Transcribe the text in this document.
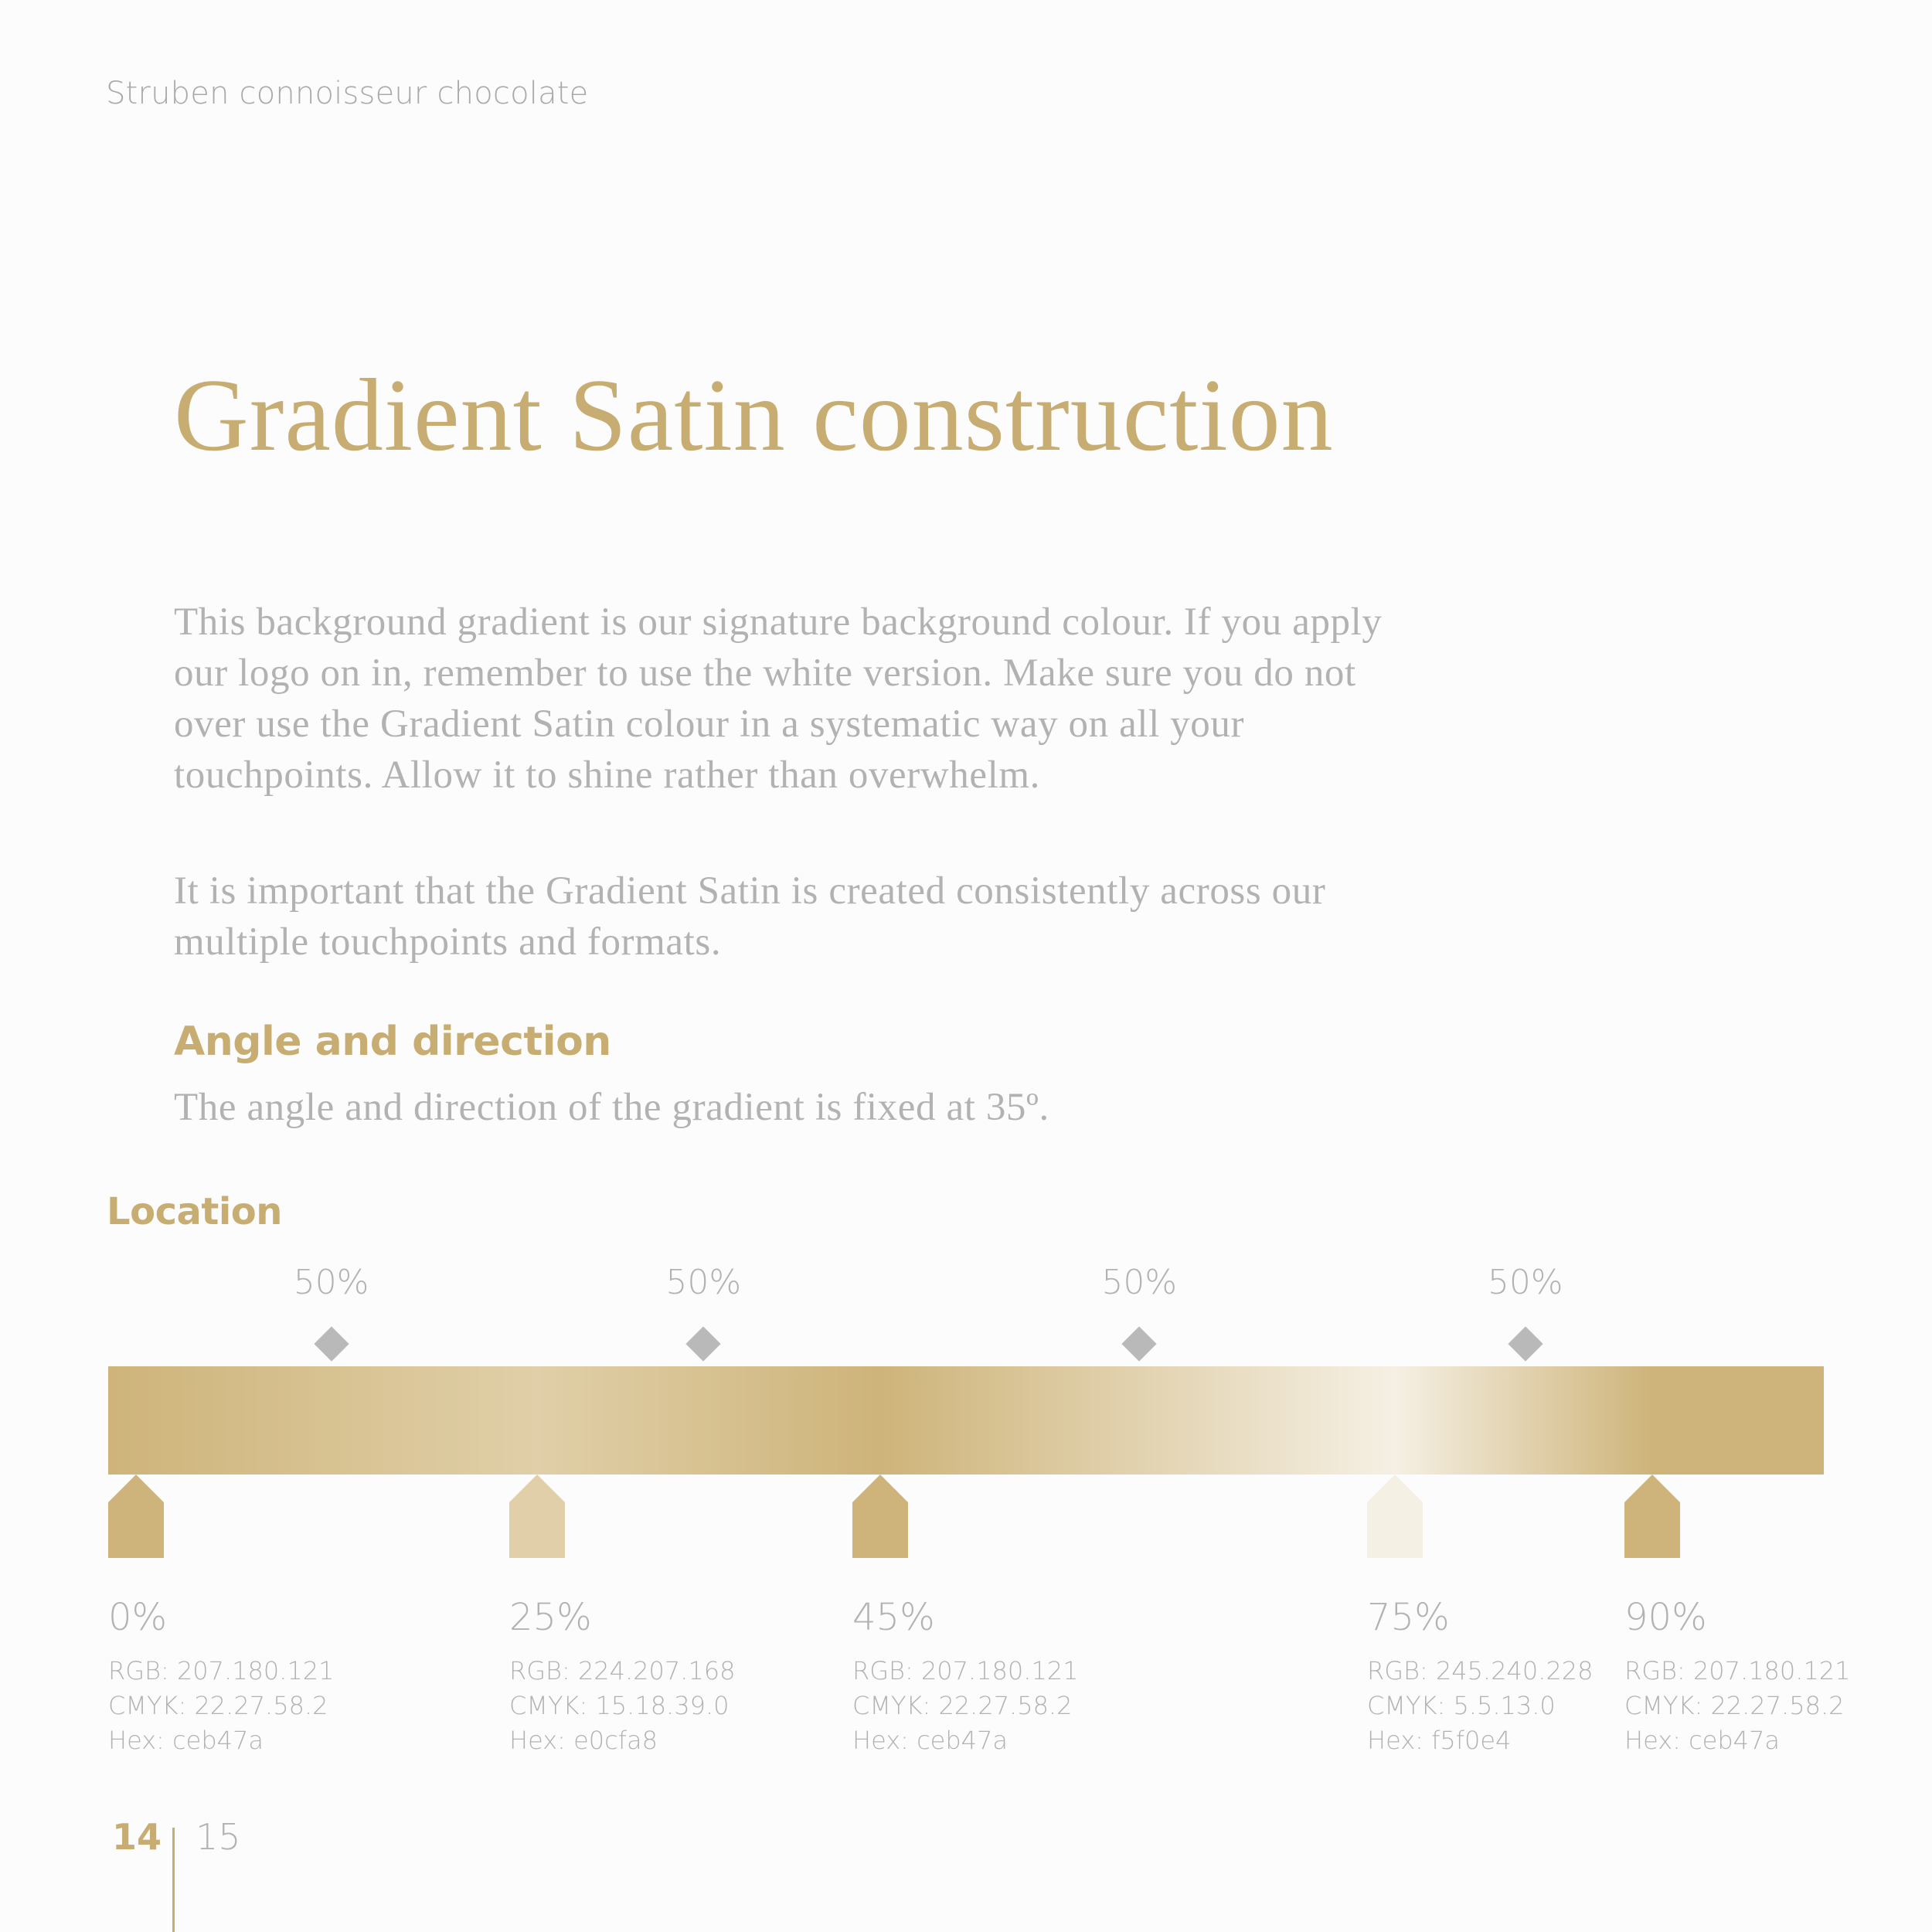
Struben connoisseur chocolate
Gradient Satin construction

This background gradient is our signature background colour. If you apply our logo on in, remember to use the white version. Make sure you do not over use the Gradient Satin colour in a systematic way on all your touchpoints. Allow it to shine rather than overwhelm.

It is important that the Gradient Satin is created consistently across our multiple touchpoints and formats.

Angle and direction

The angle and direction of the gradient is fixed at 35º.

Location
50%	50%	50%	50%
0%
RGB: 207.180.121
CMYK: 22.27.58.2
Hex: ceb47a
25%
RGB: 224.207.168
CMYK: 15.18.39.0
Hex: e0cfa8
45%
RGB: 207.180.121
CMYK: 22.27.58.2
Hex: ceb47a
75%
RGB: 245.240.228
CMYK: 5.5.13.0
Hex: f5f0e4
90%
RGB: 207.180.121
CMYK: 22.27.58.2
Hex: ceb47a
14 15
